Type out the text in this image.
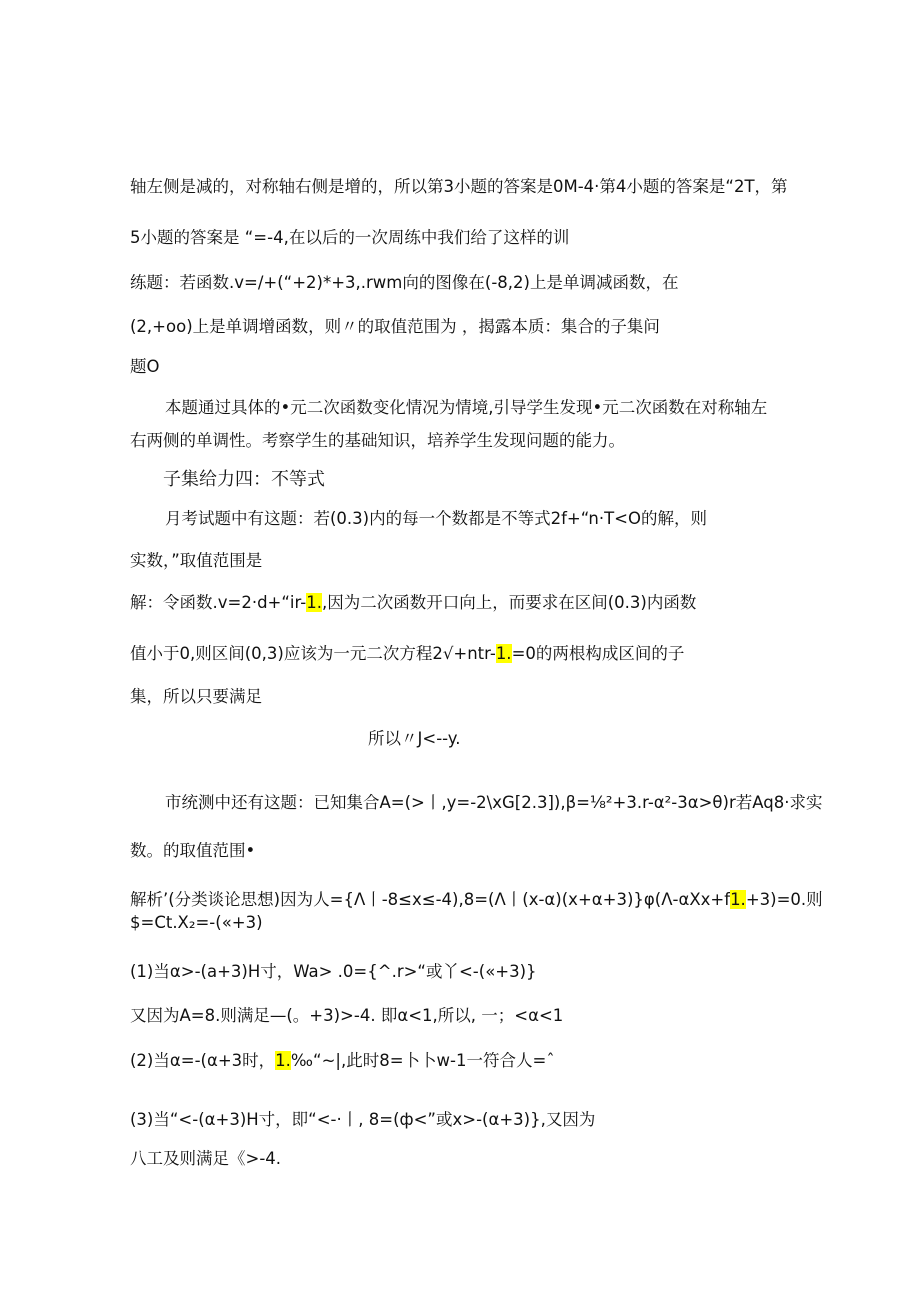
轴左侧是减的，对称轴右侧是增的，所以第3小题的答案是0M-4·第4小题的答案是“2T，第
5小题的答案是 “=-4,在以后的一次周练中我们给了这样的训
练题：若函数.v=/+(“+2)*+3,.rwm向的图像在(-8,2)上是单调减函数，在
(2,+oo)上是单调增函数，则〃的取值范围为 ，揭露本质：集合的子集问
题O
本题通过具体的•元二次函数变化情况为情境,引导学生发现•元二次函数在对称轴左
右两侧的单调性。考察学生的基础知识，培养学生发现问题的能力。
子集给力四：不等式
月考试题中有这题：若(0.3)内的每一个数都是不等式2f+“n·T<O的解，则
实数，”取值范围是
解：令函数.v=2·d+“ir-1.,因为二次函数开口向上，而要求在区间(0.3)内函数
值小于0,则区间(0,3)应该为一元二次方程2√+ntr-1.=0的两根构成区间的子
集，所以只要满足
所以〃J<--y.
市统测中还有这题：已知集合A=(>丨,y=-2\xG[2.3]),β=⅛²+3.r-α²-3α>θ)r若Aq8·求实
数。的取值范围•
解析’(分类谈论思想)因为人={Λ丨-8≤x≤-4),8=(Λ丨(x-α)(x+α+3)}φ(Λ-αXx+f1.+3)=0.则
$=Ct.X₂=-(«+3)
(1)当α>-(a+3)H寸，Wa> .0={^.r>“或丫<-(«+3)}
又因为A=8.则满足—(。+3)>-4. 即α<1,所以, 一；<α<1
(2)当α=-(α+3时，1.‰“~|,此时8=卜卜w-1一符合人=ˆ
(3)当“<-(α+3)H寸，即“<-·丨, 8=(ф<”或x>-(α+3)},又因为
八工及则满足《>-4.
